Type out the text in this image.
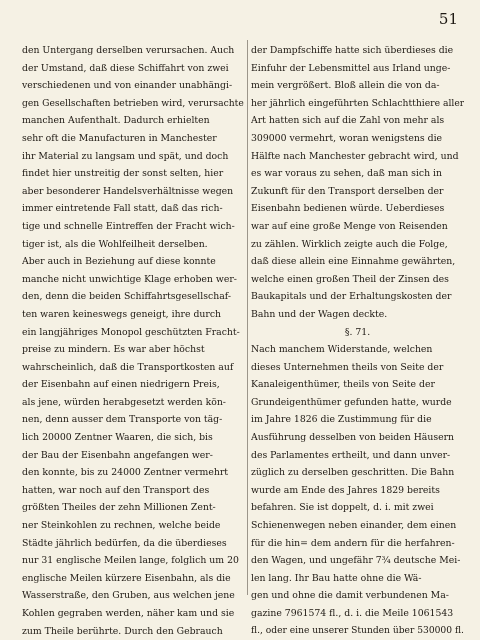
51
den Untergang derselben verursachen. Auch
der Umstand, daß diese Schiffahrt von zwei
verschiedenen und von einander unabhängi-
gen Gesellschaften betrieben wird, verursachte
manchen Aufenthalt. Dadurch erhielten
sehr oft die Manufacturen in Manchester
ihr Material zu langsam und spät, und doch
findet hier unstreitig der sonst selten, hier
aber besonderer Handelsverhältnisse wegen
immer eintretende Fall statt, daß das rich-
tige und schnelle Eintreffen der Fracht wich-
tiger ist, als die Wohlfeilheit derselben.
Aber auch in Beziehung auf diese konnte
manche nicht unwichtige Klage erhoben wer-
den, denn die beiden Schiffahrtsgesellschaf-
ten waren keineswegs geneigt, ihre durch
ein langjähriges Monopol geschützten Fracht-
preise zu mindern. Es war aber höchst
wahrscheinlich, daß die Transportkosten auf
der Eisenbahn auf einen niedrigern Preis,
als jene, würden herabgesetzt werden kön-
nen, denn ausser dem Transporte von täg-
lich 20000 Zentner Waaren, die sich, bis
der Bau der Eisenbahn angefangen wer-
den konnte, bis zu 24000 Zentner vermehrt
hatten, war noch auf den Transport des
größten Theiles der zehn Millionen Zent-
ner Steinkohlen zu rechnen, welche beide
Städte jährlich bedürfen, da die überdieses
nur 31 englische Meilen lange, folglich um 20
englische Meilen kürzere Eisenbahn, als die
Wasserstraße, den Gruben, aus welchen jene
Kohlen gegraben werden, näher kam und sie
zum Theile berührte. Durch den Gebrauch
der Dampfschiffe hatte sich überdieses die
Einfuhr der Lebensmittel aus Irland unge-
mein vergrößert. Bloß allein die von da-
her jährlich eingeführten Schlachtthiere aller
Art hatten sich auf die Zahl von mehr als
309000 vermehrt, woran wenigstens die
Hälfte nach Manchester gebracht wird, und
es war voraus zu sehen, daß man sich in
Zukunft für den Transport derselben der
Eisenbahn bedienen würde. Ueberdieses
war auf eine große Menge von Reisenden
zu zählen. Wirklich zeigte auch die Folge,
daß diese allein eine Einnahme gewährten,
welche einen großen Theil der Zinsen des
Baukapitals und der Erhaltungskosten der
Bahn und der Wagen deckte.
§. 71.
Nach manchem Widerstande, welchen
dieses Unternehmen theils von Seite der
Kanaleigenthümer, theils von Seite der
Grundeigenthümer gefunden hatte, wurde
im Jahre 1826 die Zustimmung für die
Ausführung desselben von beiden Häusern
des Parlamentes ertheilt, und dann unver-
züglich zu derselben geschritten. Die Bahn
wurde am Ende des Jahres 1829 bereits
befahren. Sie ist doppelt, d. i. mit zwei
Schienenwegen neben einander, dem einen
für die hin= dem andern für die herfahren-
den Wagen, und ungefähr 7¾ deutsche Mei-
len lang. Ihr Bau hatte ohne die Wä-
gen und ohne die damit verbundenen Ma-
gazine 7961574 fl., d. i. die Meile 1061543
fl., oder eine unserer Stunden über 530000 fl.
